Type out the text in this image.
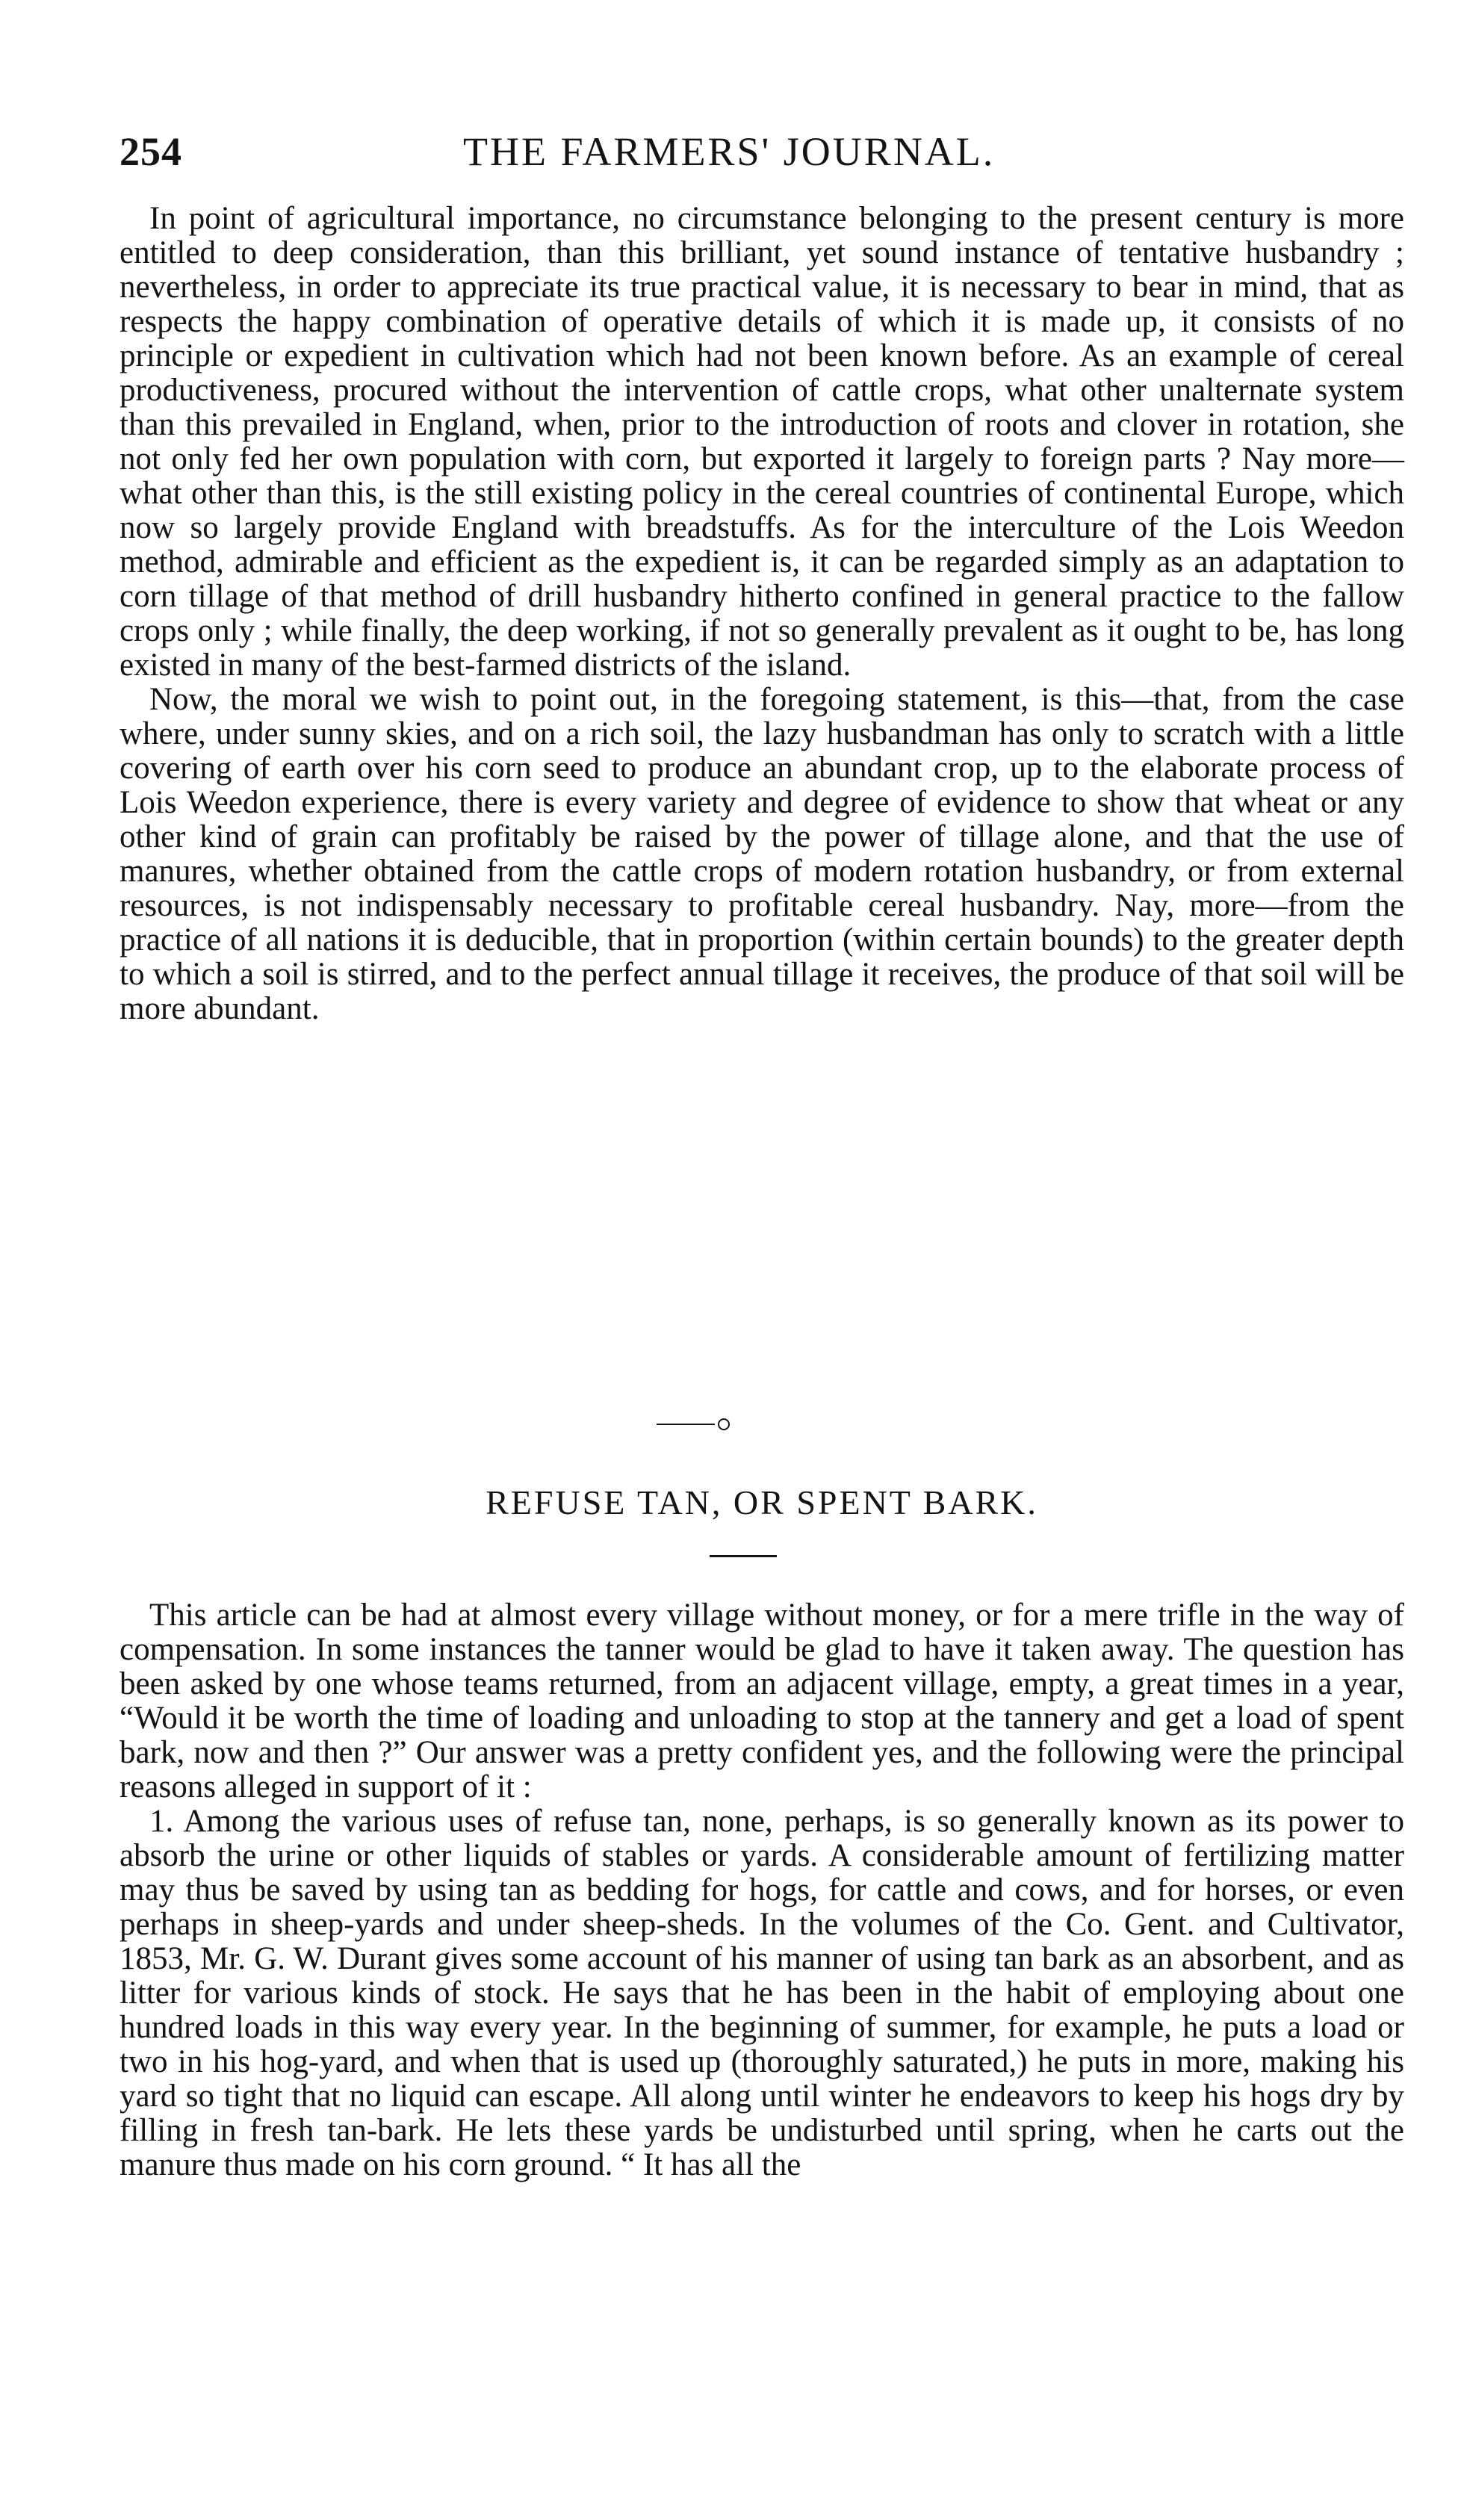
254	THE FARMERS' JOURNAL.

In point of agricultural importance, no circumstance belonging to the present century is more entitled to deep consideration, than this brilliant, yet sound instance of tentative husbandry ; nevertheless, in order to appreciate its true practical value, it is necessary to bear in mind, that as respects the happy combination of operative details of which it is made up, it consists of no principle or expedient in cultivation which had not been known before. As an example of cereal productiveness, procured without the intervention of cattle crops, what other unalternate system than this prevailed in England, when, prior to the introduction of roots and clover in rotation, she not only fed her own population with corn, but exported it largely to foreign parts ? Nay more—what other than this, is the still existing policy in the cereal countries of continental Europe, which now so largely provide England with breadstuffs. As for the interculture of the Lois Weedon method, admirable and efficient as the expedient is, it can be regarded simply as an adaptation to corn tillage of that method of drill husbandry hitherto confined in general practice to the fallow crops only ; while finally, the deep working, if not so generally prevalent as it ought to be, has long existed in many of the best-farmed districts of the island.

Now, the moral we wish to point out, in the foregoing statement, is this—that, from the case where, under sunny skies, and on a rich soil, the lazy husbandman has only to scratch with a little covering of earth over his corn seed to produce an abundant crop, up to the elaborate process of Lois Weedon experience, there is every variety and degree of evidence to show that wheat or any other kind of grain can profitably be raised by the power of tillage alone, and that the use of manures, whether obtained from the cattle crops of modern rotation husbandry, or from external resources, is not indispensably necessary to profitable cereal husbandry. Nay, more—from the practice of all nations it is deducible, that in proportion (within certain bounds) to the greater depth to which a soil is stirred, and to the perfect annual tillage it receives, the produce of that soil will be more abundant.

REFUSE TAN, OR SPENT BARK.

This article can be had at almost every village without money, or for a mere trifle in the way of compensation. In some instances the tanner would be glad to have it taken away. The question has been asked by one whose teams returned, from an adjacent village, empty, a great times in a year, “Would it be worth the time of loading and unloading to stop at the tannery and get a load of spent bark, now and then ?” Our answer was a pretty confident yes, and the following were the principal reasons alleged in support of it :

1. Among the various uses of refuse tan, none, perhaps, is so generally known as its power to absorb the urine or other liquids of stables or yards. A considerable amount of fertilizing matter may thus be saved by using tan as bedding for hogs, for cattle and cows, and for horses, or even perhaps in sheep-yards and under sheep-sheds. In the volumes of the Co. Gent. and Cultivator, 1853, Mr. G. W. Durant gives some account of his manner of using tan bark as an absorbent, and as litter for various kinds of stock. He says that he has been in the habit of employing about one hundred loads in this way every year. In the beginning of summer, for example, he puts a load or two in his hog-yard, and when that is used up (thoroughly saturated,) he puts in more, making his yard so tight that no liquid can escape. All along until winter he endeavors to keep his hogs dry by filling in fresh tan-bark. He lets these yards be undisturbed until spring, when he carts out the manure thus made on his corn ground. “ It has all the
